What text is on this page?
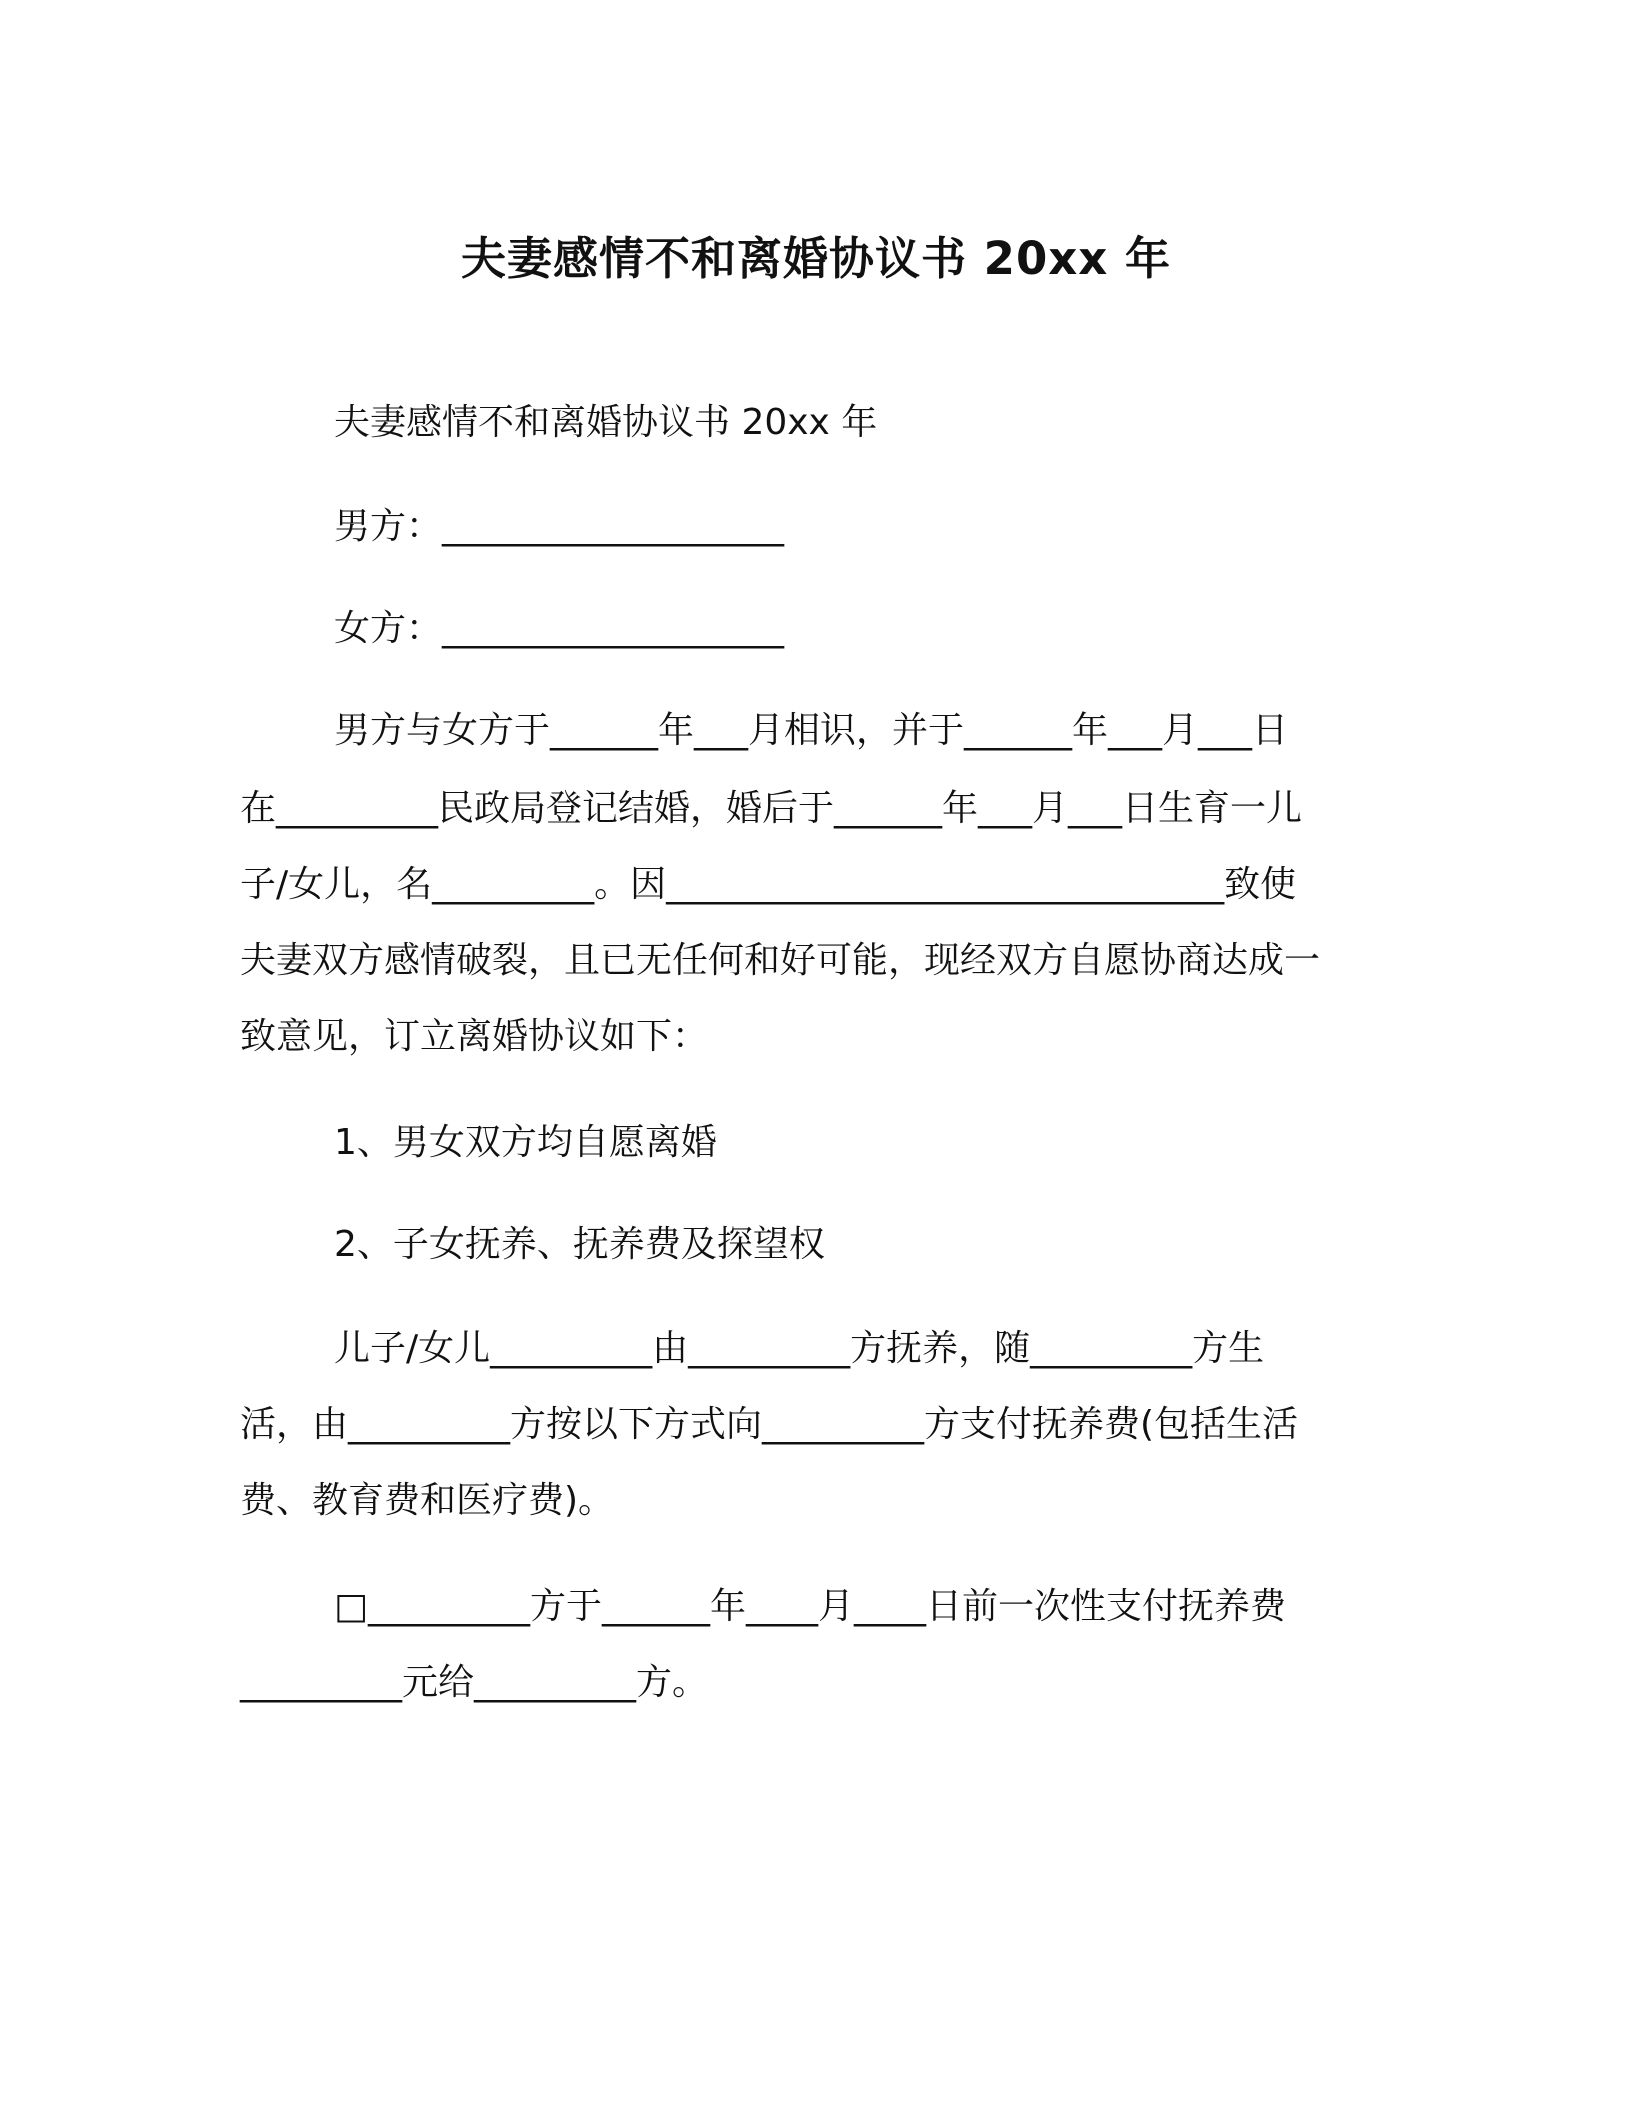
夫妻感情不和离婚协议书 20xx 年

夫妻感情不和离婚协议书 20xx 年

男方：___________________

女方：___________________

男方与女方于______年___月相识，并于______年___月___日

在_________民政局登记结婚，婚后于______年___月___日生育一儿

子/女儿，名_________。因_______________________________致使

夫妻双方感情破裂，且已无任何和好可能，现经双方自愿协商达成一

致意见，订立离婚协议如下：

1、男女双方均自愿离婚

2、子女抚养、抚养费及探望权

儿子/女儿_________由_________方抚养，随_________方生

活，由_________方按以下方式向_________方支付抚养费(包括生活

费、教育费和医疗费)。

□_________方于______年____月____日前一次性支付抚养费

_________元给_________方。
